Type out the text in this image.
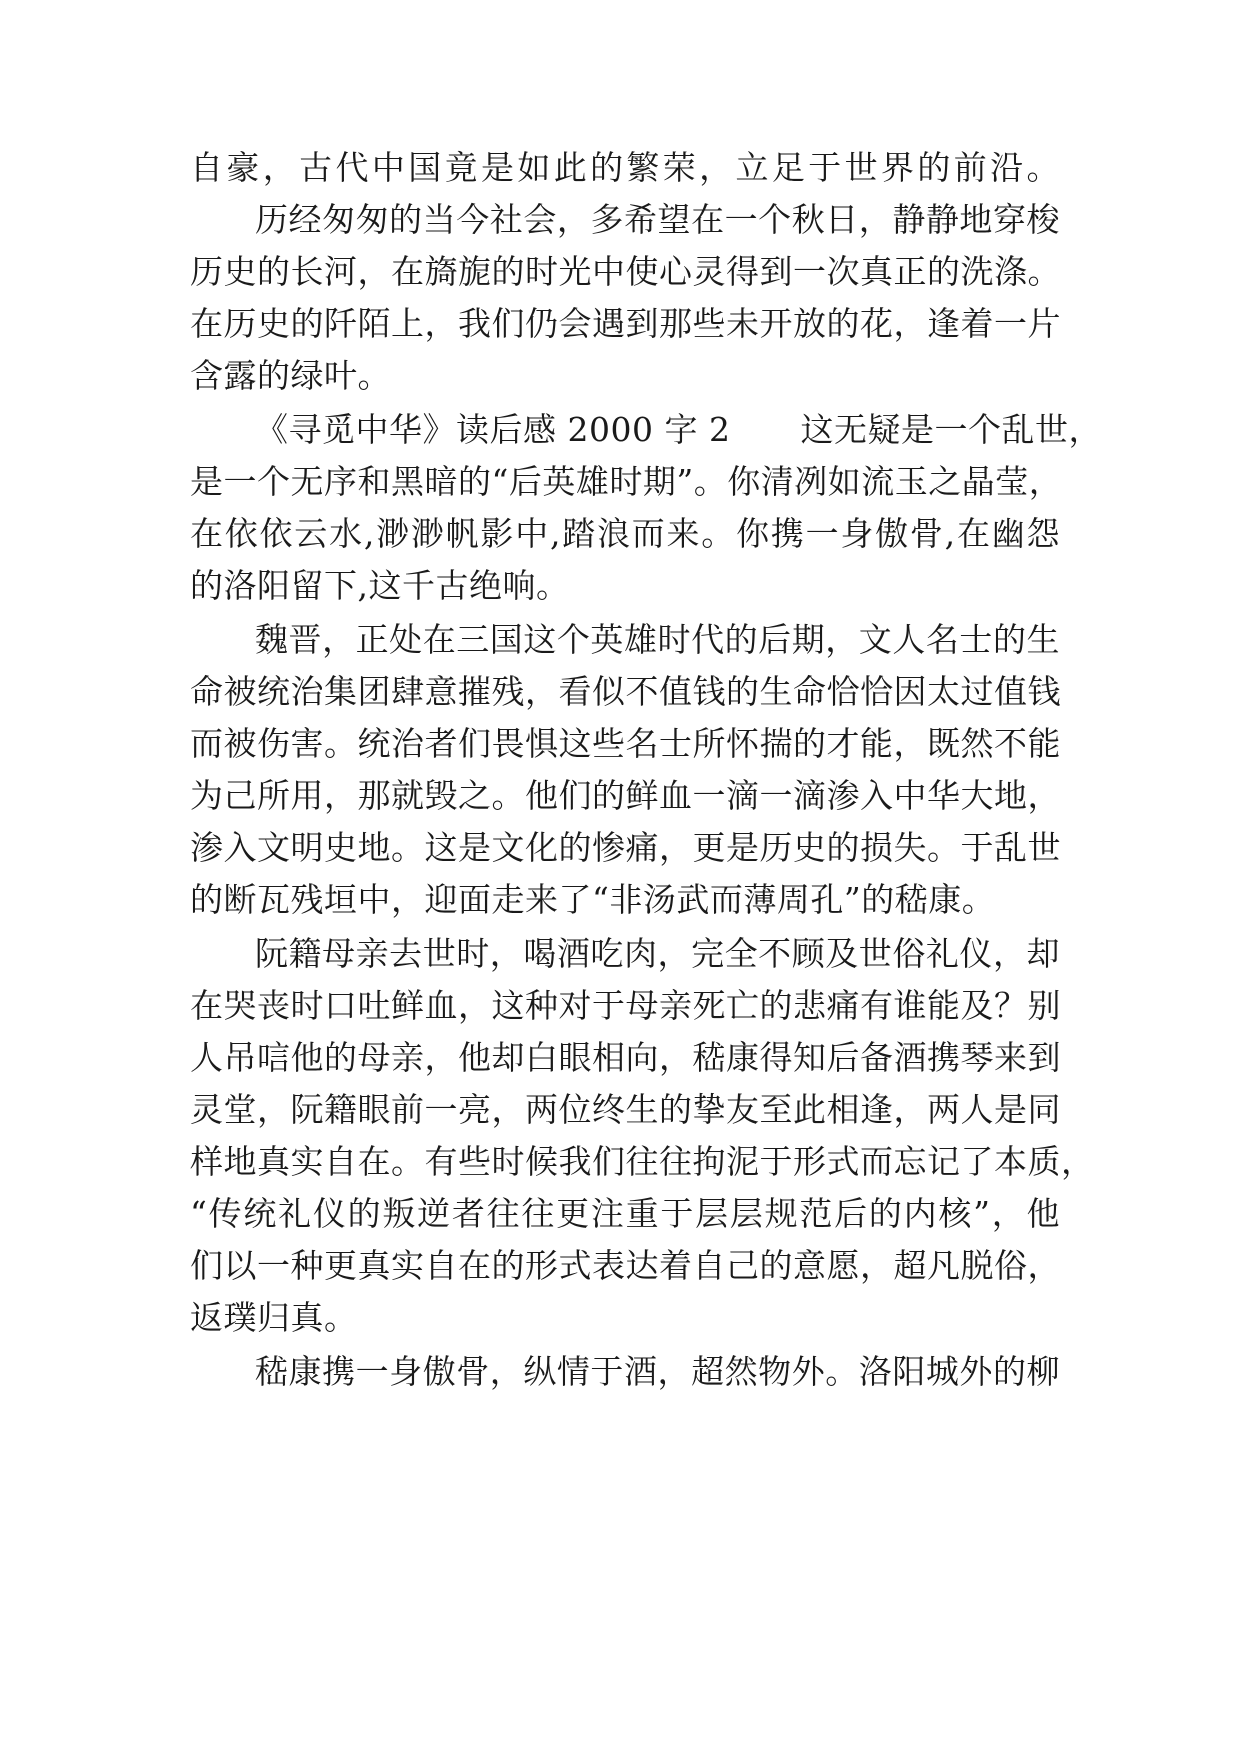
自豪，古代中国竟是如此的繁荣，立足于世界的前沿。
历经匆匆的当今社会，多希望在一个秋日，静静地穿梭
历史的长河，在旖旎的时光中使心灵得到一次真正的洗涤。
在历史的阡陌上，我们仍会遇到那些未开放的花，逢着一片
含露的绿叶。
《寻觅中华》读后感 2000 字 2 这无疑是一个乱世，
是一个无序和黑暗的“后英雄时期”。你清冽如流玉之晶莹，
在依依云水,渺渺帆影中,踏浪而来。你携一身傲骨,在幽怨
的洛阳留下,这千古绝响。
魏晋，正处在三国这个英雄时代的后期，文人名士的生
命被统治集团肆意摧残，看似不值钱的生命恰恰因太过值钱
而被伤害。统治者们畏惧这些名士所怀揣的才能，既然不能
为己所用，那就毁之。他们的鲜血一滴一滴渗入中华大地，
渗入文明史地。这是文化的惨痛，更是历史的损失。于乱世
的断瓦残垣中，迎面走来了“非汤武而薄周孔”的嵇康。
阮籍母亲去世时，喝酒吃肉，完全不顾及世俗礼仪，却
在哭丧时口吐鲜血，这种对于母亲死亡的悲痛有谁能及？别
人吊唁他的母亲，他却白眼相向，嵇康得知后备酒携琴来到
灵堂，阮籍眼前一亮，两位终生的挚友至此相逢，两人是同
样地真实自在。有些时候我们往往拘泥于形式而忘记了本质，
“传统礼仪的叛逆者往往更注重于层层规范后的内核”，他
们以一种更真实自在的形式表达着自己的意愿，超凡脱俗，
返璞归真。
嵇康携一身傲骨，纵情于酒，超然物外。洛阳城外的柳
